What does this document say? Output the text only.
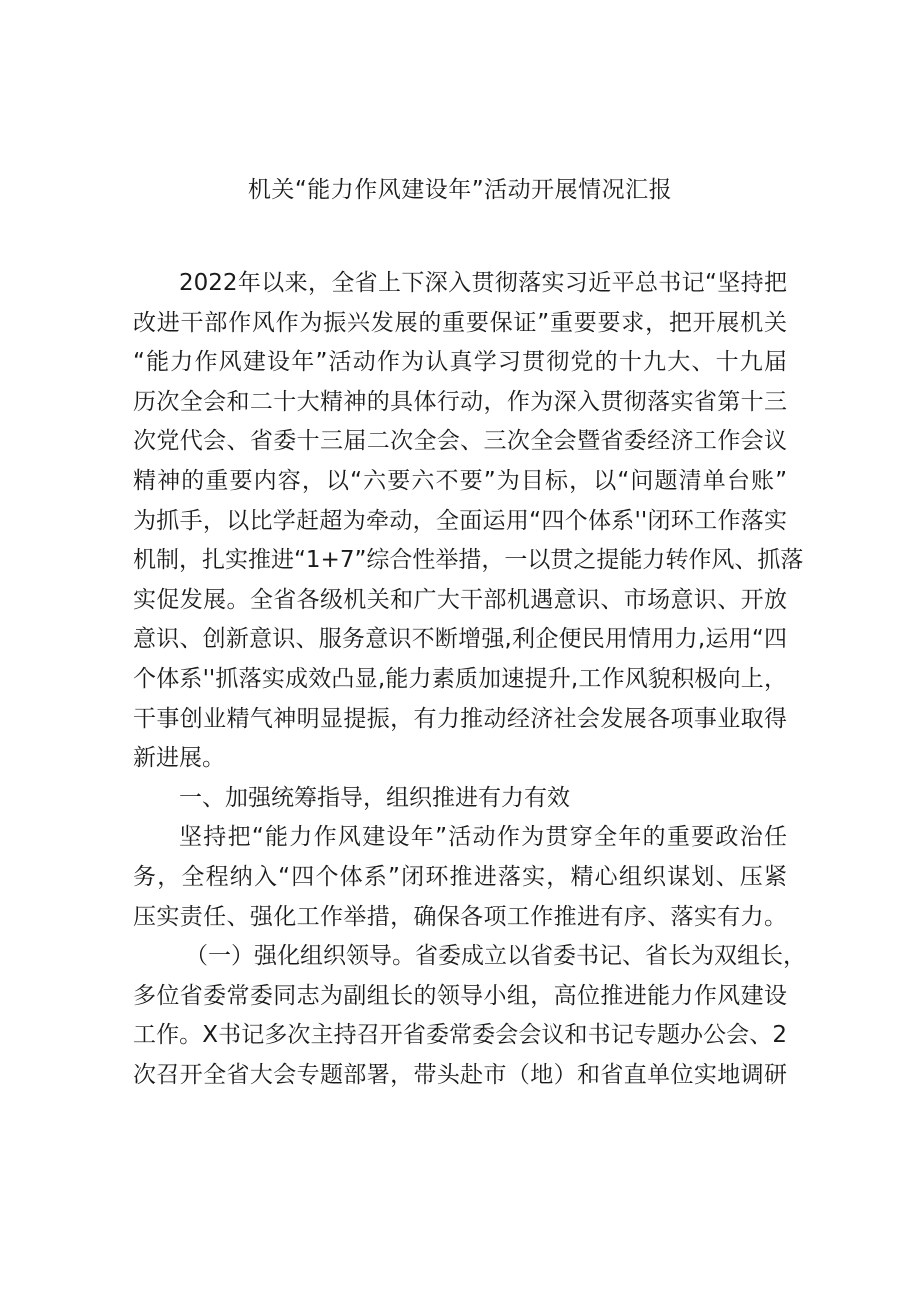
机关“能力作风建设年”活动开展情况汇报
2022年以来，全省上下深入贯彻落实习近平总书记“坚持把
改进干部作风作为振兴发展的重要保证”重要要求，把开展机关
“能力作风建设年”活动作为认真学习贯彻党的十九大、十九届
历次全会和二十大精神的具体行动，作为深入贯彻落实省第十三
次党代会、省委十三届二次全会、三次全会暨省委经济工作会议
精神的重要内容，以“六要六不要”为目标，以“问题清单台账”
为抓手，以比学赶超为牵动，全面运用“四个体系''闭环工作落实
机制，扎实推进“1+7”综合性举措，一以贯之提能力转作风、抓落
实促发展。全省各级机关和广大干部机遇意识、市场意识、开放
意识、创新意识、服务意识不断增强,利企便民用情用力,运用“四
个体系''抓落实成效凸显,能力素质加速提升,工作风貌积极向上，
干事创业精气神明显提振，有力推动经济社会发展各项事业取得
新进展。
一、加强统筹指导，组织推进有力有效
坚持把“能力作风建设年”活动作为贯穿全年的重要政治任
务，全程纳入“四个体系”闭环推进落实，精心组织谋划、压紧
压实责任、强化工作举措，确保各项工作推进有序、落实有力。
（一）强化组织领导。省委成立以省委书记、省长为双组长，
多位省委常委同志为副组长的领导小组，高位推进能力作风建设
工作。X书记多次主持召开省委常委会会议和书记专题办公会、2
次召开全省大会专题部署，带头赴市（地）和省直单位实地调研
